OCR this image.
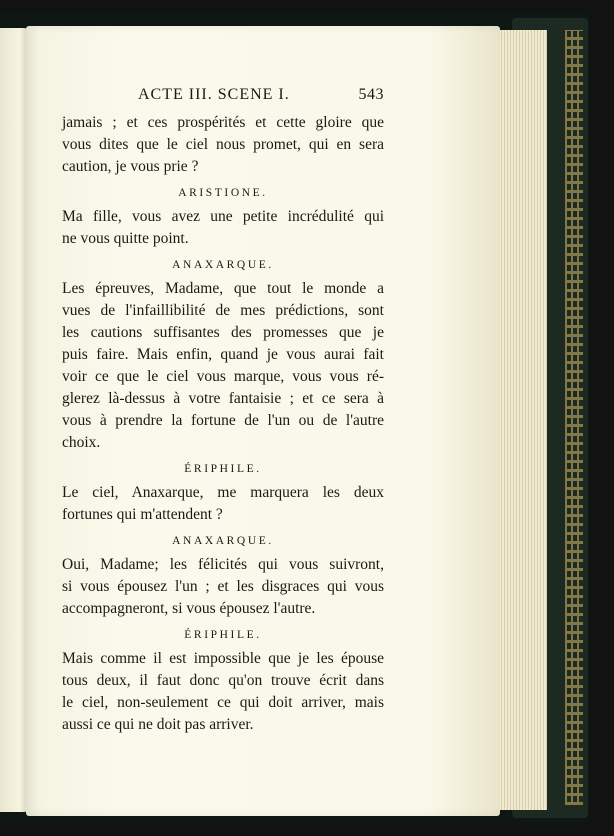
ACTE III. SCENE I.	543
jamais ; et ces prospérités et cette gloire que
vous dites que le ciel nous promet, qui en sera
caution, je vous prie ?
ARISTIONE.
Ma fille, vous avez une petite incrédulité qui
ne vous quitte point.
ANAXARQUE.
Les épreuves, Madame, que tout le monde a
vues de l'infaillibilité de mes prédictions, sont
les cautions suffisantes des promesses que je
puis faire. Mais enfin, quand je vous aurai fait
voir ce que le ciel vous marque, vous vous ré-
glerez là-dessus à votre fantaisie ; et ce sera à
vous à prendre la fortune de l'un ou de l'autre
choix.
ÉRIPHILE.
Le ciel, Anaxarque, me marquera les deux
fortunes qui m'attendent ?
ANAXARQUE.
Oui, Madame; les félicités qui vous suivront,
si vous épousez l'un ; et les disgraces qui vous
accompagneront, si vous épousez l'autre.
ÉRIPHILE.
Mais comme il est impossible que je les épouse
tous deux, il faut donc qu'on trouve écrit dans
le ciel, non-seulement ce qui doit arriver, mais
aussi ce qui ne doit pas arriver.
